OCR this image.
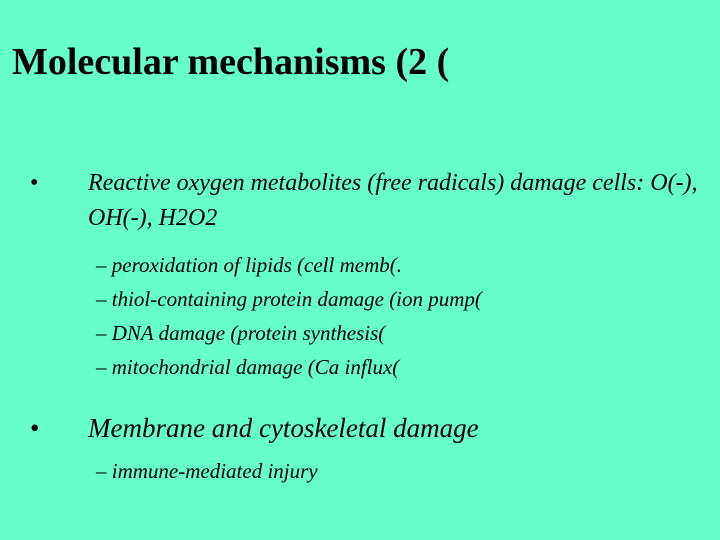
Molecular mechanisms (2 (
• Reactive oxygen metabolites (free radicals) damage cells: O(-), OH(-), H2O2
– peroxidation of lipids (cell memb(.
– thiol-containing protein damage (ion pump(
– DNA damage (protein synthesis(
– mitochondrial damage (Ca influx(
• Membrane and cytoskeletal damage
– immune-mediated injury
